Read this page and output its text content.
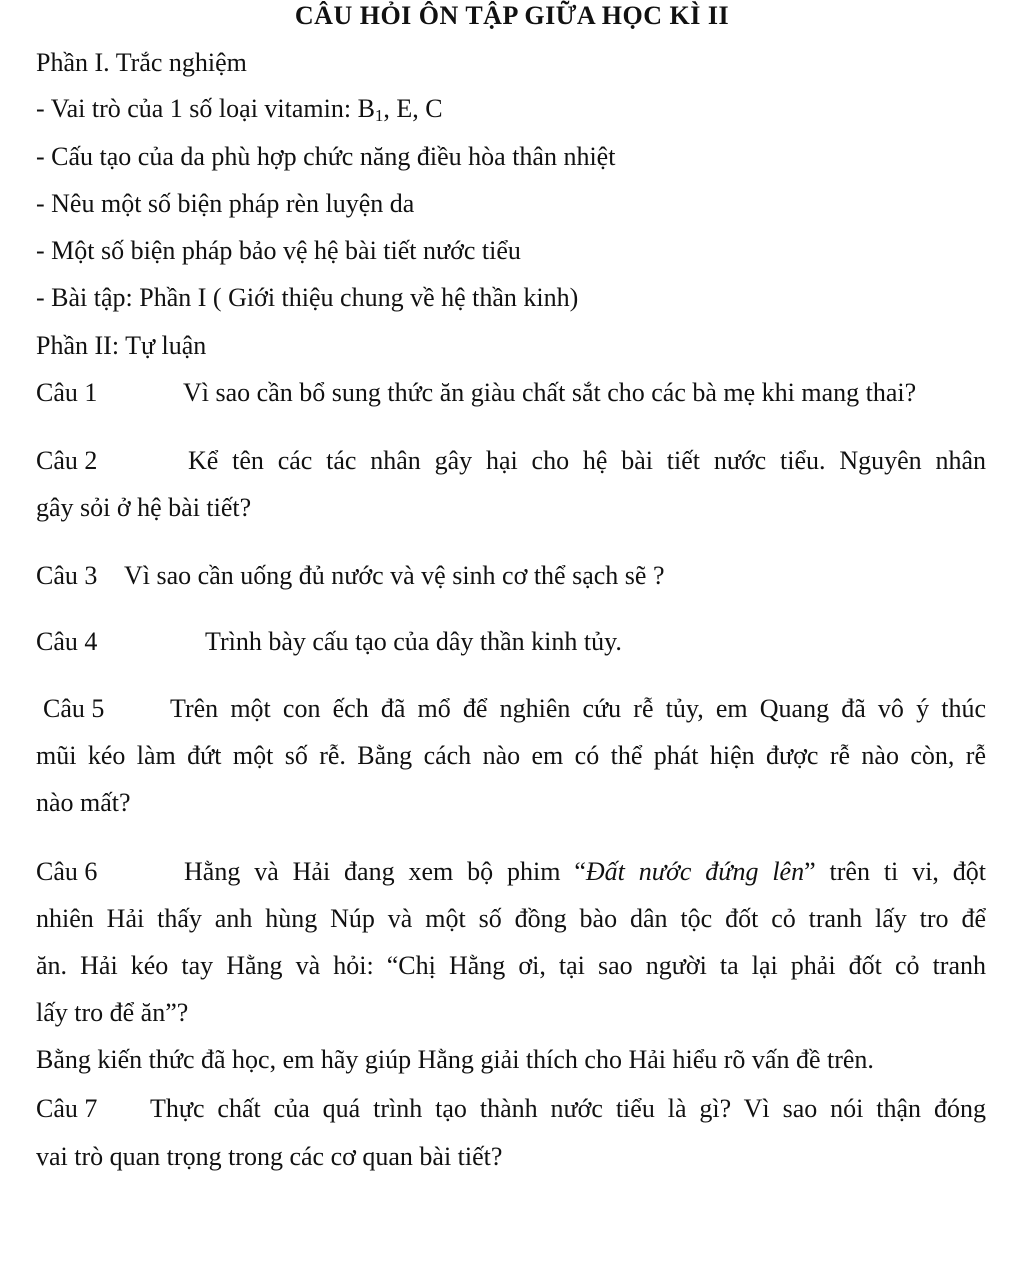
CÂU HỎI ÔN TẬP GIỮA HỌC KÌ II
Phần I. Trắc nghiệm
- Vai trò của 1 số loại vitamin: $B_1$, E, C
- Cấu tạo của da phù hợp chức năng điều hòa thân nhiệt
- Nêu một số biện pháp rèn luyện da
- Một số biện pháp bảo vệ hệ bài tiết nước tiểu
- Bài tập: Phần I ( Giới thiệu chung về hệ thần kinh)
Phần II: Tự luận
Câu 1	Vì sao cần bổ sung thức ăn giàu chất sắt cho các bà mẹ khi mang thai?
Câu 2	Kể tên các tác nhân gây hại cho hệ bài tiết nước tiểu. Nguyên nhân
gây sỏi ở hệ bài tiết?
Câu 3 Vì sao cần uống đủ nước và vệ sinh cơ thể sạch sẽ ?
Câu 4	Trình bày cấu tạo của dây thần kinh tủy.
Câu 5	Trên một con ếch đã mổ để nghiên cứu rễ tủy, em Quang đã vô ý thúc
mũi kéo làm đứt một số rễ. Bằng cách nào em có thể phát hiện được rễ nào còn, rễ
nào mất?
Câu 6	Hằng và Hải đang xem bộ phim “Đất nước đứng lên” trên ti vi, đột
nhiên Hải thấy anh hùng Núp và một số đồng bào dân tộc đốt cỏ tranh lấy tro để
ăn. Hải kéo tay Hằng và hỏi: “Chị Hằng ơi, tại sao người ta lại phải đốt cỏ tranh
lấy tro để ăn”?
Bằng kiến thức đã học, em hãy giúp Hằng giải thích cho Hải hiểu rõ vấn đề trên.
Câu 7 Thực chất của quá trình tạo thành nước tiểu là gì? Vì sao nói thận đóng
vai trò quan trọng trong các cơ quan bài tiết?
